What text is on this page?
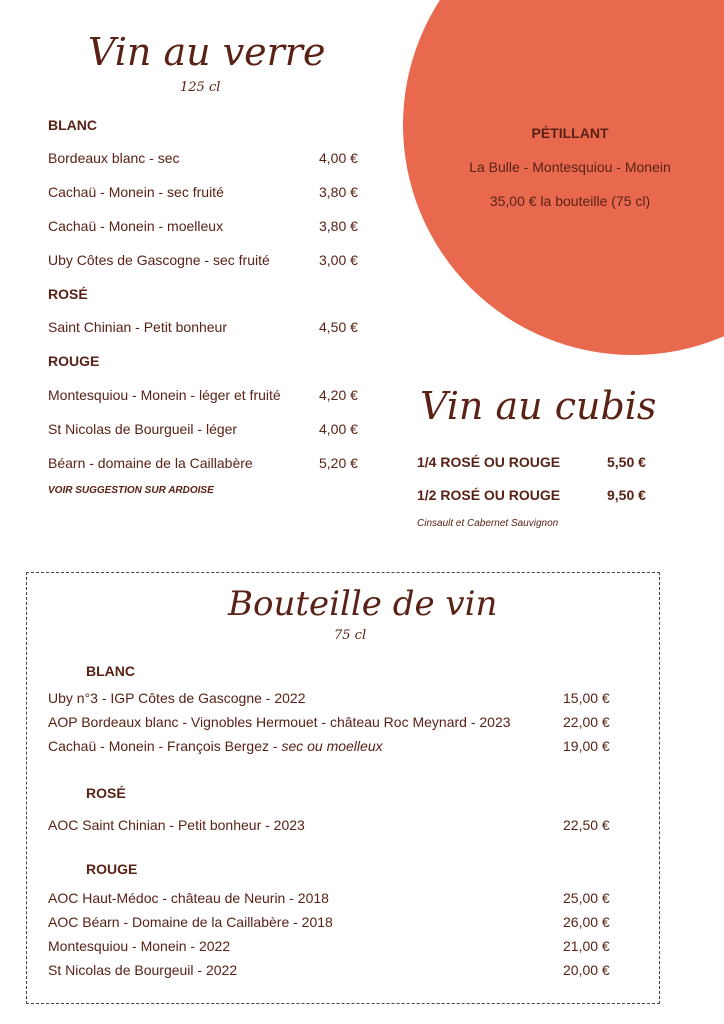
PÉTILLANT
La Bulle - Montesquiou - Monein
35,00 € la bouteille (75 cl)
Vin au verre
125 cl
BLANC
Bordeaux blanc - sec	4,00 €
Cachaü - Monein - sec fruité	3,80 €
Cachaü - Monein - moelleux	3,80 €
Uby Côtes de Gascogne - sec fruité	3,00 €
ROSÉ
Saint Chinian - Petit bonheur	4,50 €
ROUGE
Montesquiou - Monein - léger et fruité	4,20 €
St Nicolas de Bourgueil - léger	4,00 €
Béarn - domaine de la Caillabère	5,20 €
VOIR SUGGESTION SUR ARDOISE
Vin au cubis
1/4 ROSÉ OU ROUGE	5,50 €
1/2 ROSÉ OU ROUGE	9,50 €
Cinsault et Cabernet Sauvignon
Bouteille de vin
75 cl
BLANC
Uby n°3 - IGP Côtes de Gascogne - 2022	15,00 €
AOP Bordeaux blanc - Vignobles Hermouet - château Roc Meynard - 2023	22,00 €
Cachaü - Monein - François Bergez - sec ou moelleux	19,00 €
ROSÉ
AOC Saint Chinian - Petit bonheur - 2023	22,50 €
ROUGE
AOC Haut-Médoc - château de Neurin - 2018	25,00 €
AOC Béarn - Domaine de la Caillabère - 2018	26,00 €
Montesquiou - Monein - 2022	21,00 €
St Nicolas de Bourgeuil - 2022	20,00 €
